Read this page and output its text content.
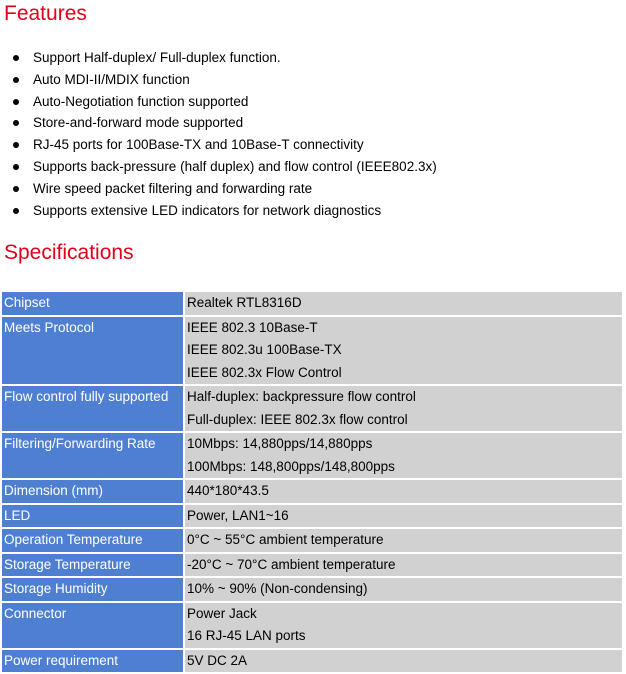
Features
Support Half-duplex/ Full-duplex function.
Auto MDI-II/MDIX function
Auto-Negotiation function supported
Store-and-forward mode supported
RJ-45 ports for 100Base-TX and 10Base-T connectivity
Supports back-pressure (half duplex) and flow control (IEEE802.3x)
Wire speed packet filtering and forwarding rate
Supports extensive LED indicators for network diagnostics
Specifications
Chipset	Realtek RTL8316D

Meets Protocol	IEEE 802.3 10Base-T
IEEE 802.3u 100Base-TX
IEEE 802.3x Flow Control

Flow control fully supported	Half-duplex: backpressure flow control
Full-duplex: IEEE 802.3x flow control

Filtering/Forwarding Rate	10Mbps: 14,880pps/14,880pps
100Mbps: 148,800pps/148,800pps

Dimension (mm)	440*180*43.5

LED	Power, LAN1~16

Operation Temperature	0°C ~ 55°C ambient temperature

Storage Temperature	-20°C ~ 70°C ambient temperature

Storage Humidity	10% ~ 90% (Non-condensing)

Connector	Power Jack
16 RJ-45 LAN ports

Power requirement	5V DC 2A
